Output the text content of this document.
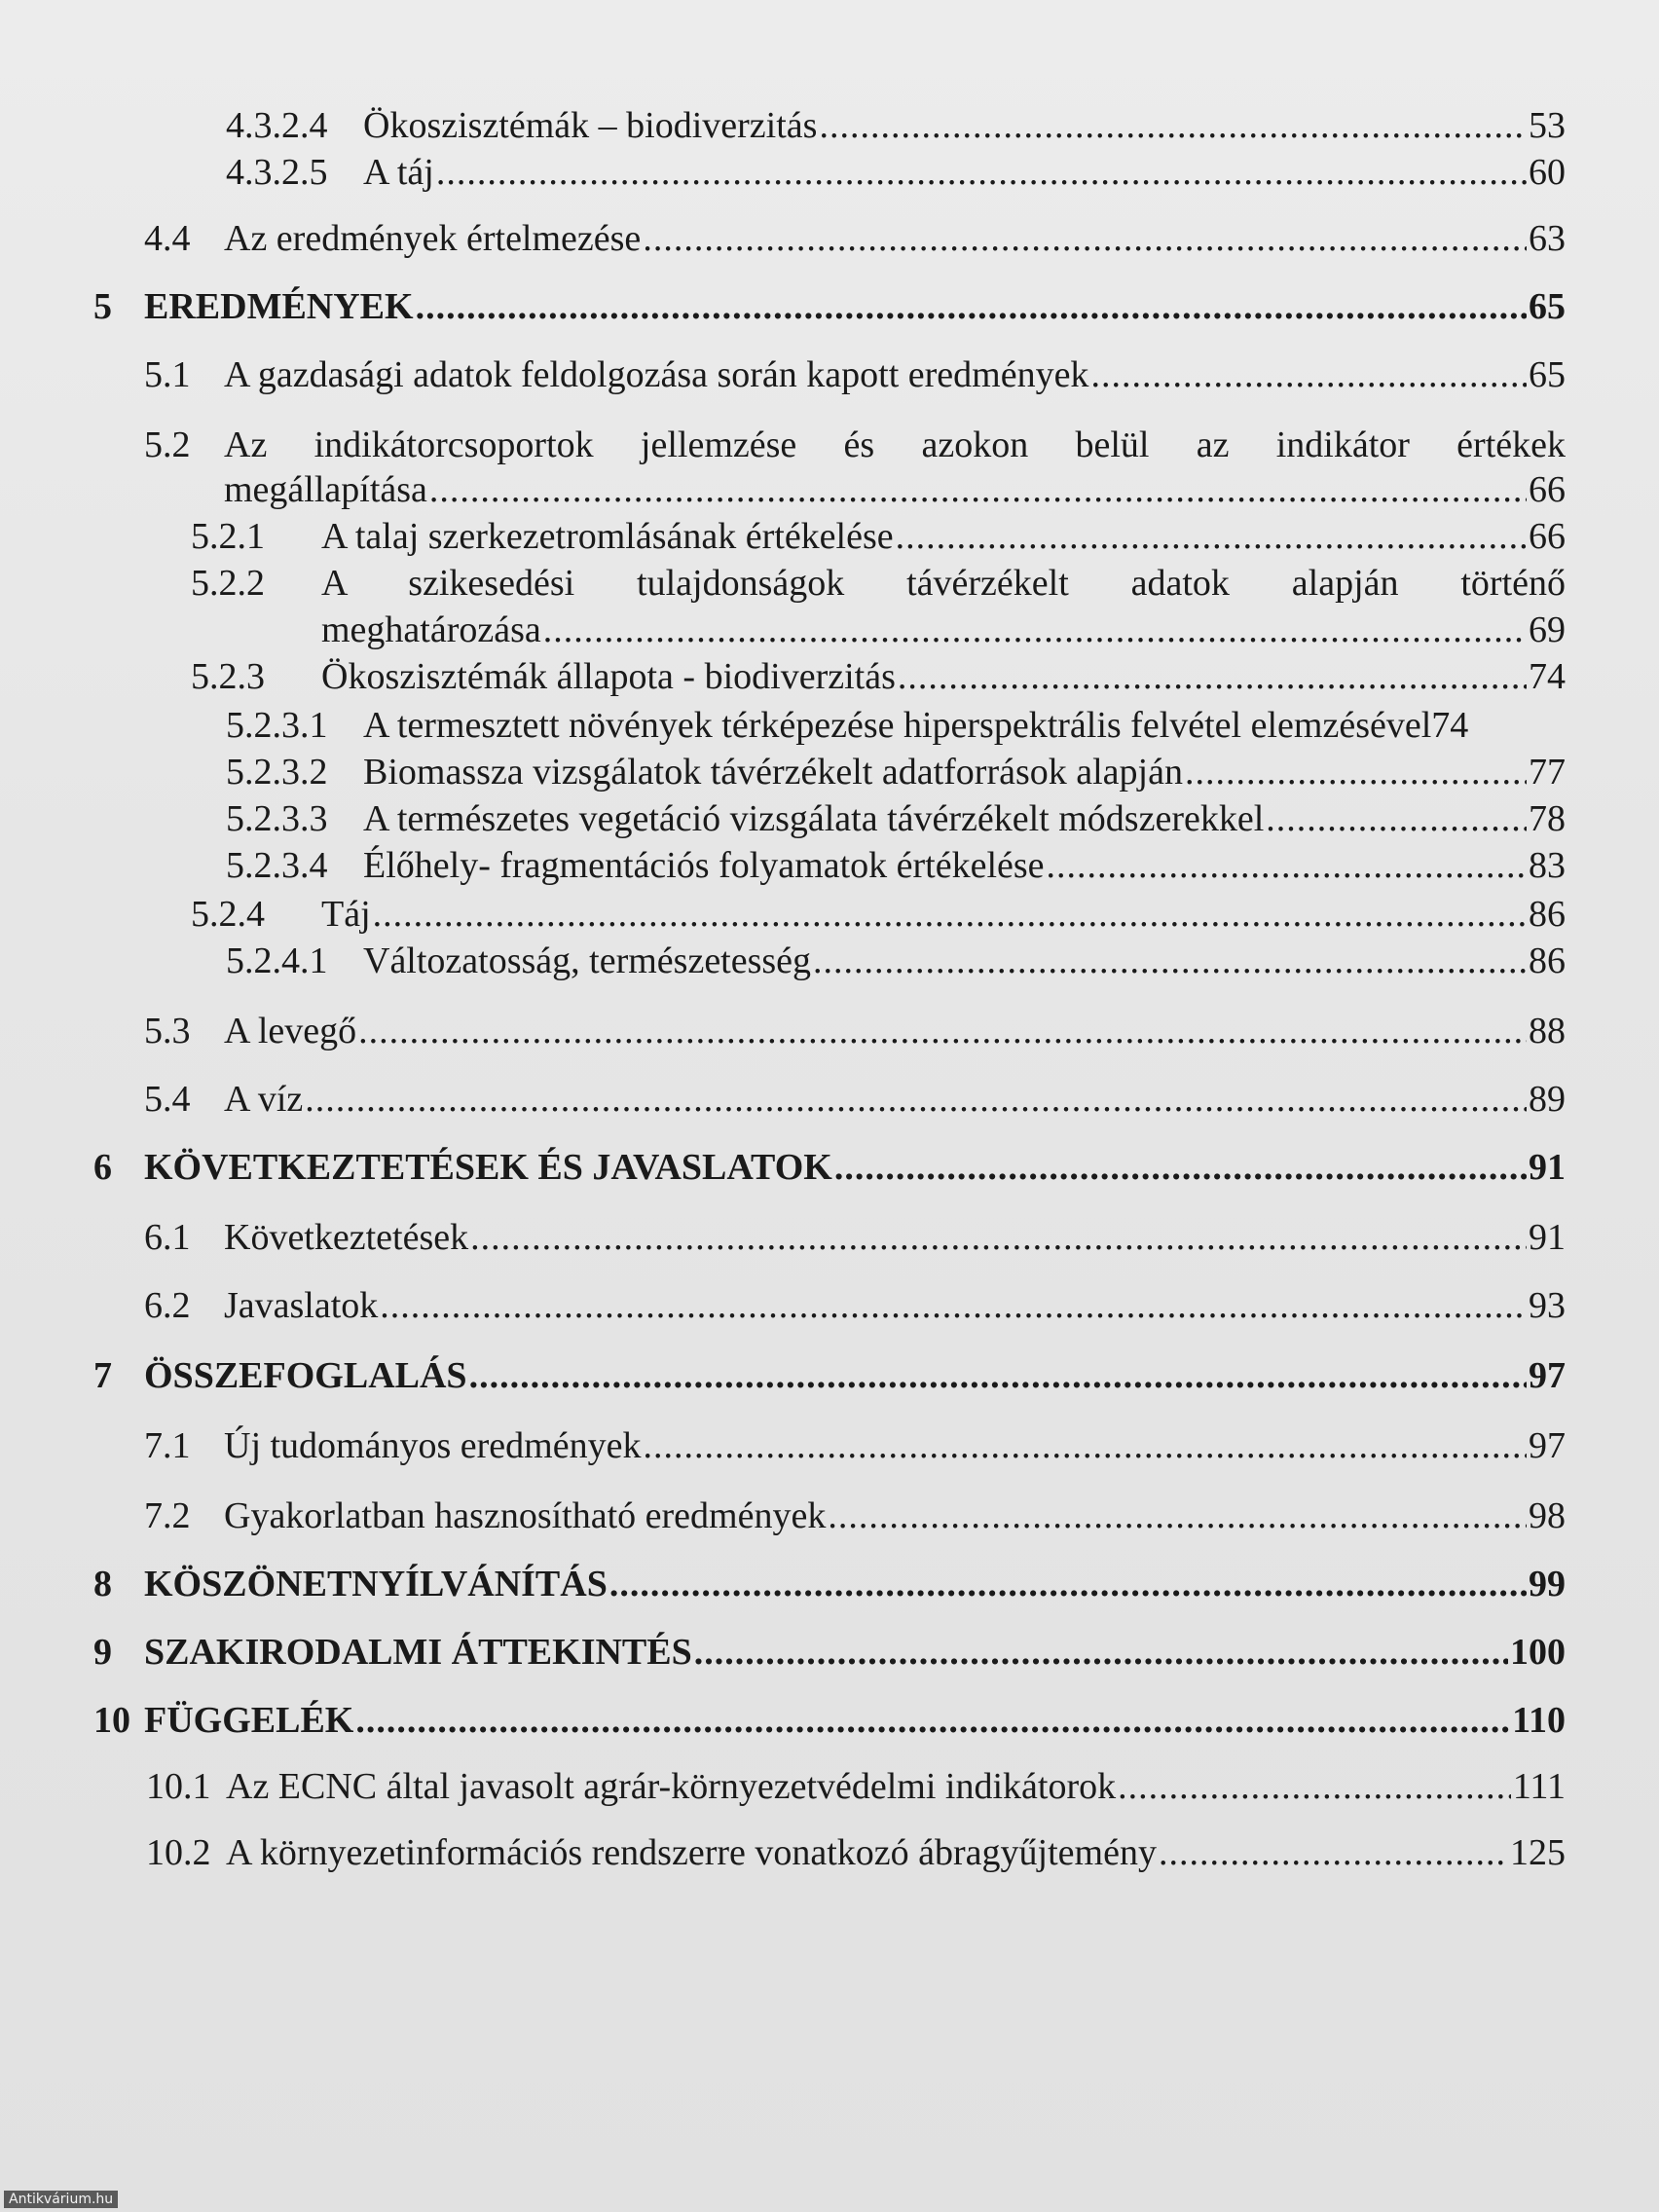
4.3.2.4 Ökoszisztémák – biodiverzitás .....	53
4.3.2.5 A táj .....	60
4.4 Az eredmények értelmezése .....	63
5 EREDMÉNYEK .....	65
5.1 A gazdasági adatok feldolgozása során kapott eredmények .....	65
5.2 Az indikátorcsoportok jellemzése és azokon belül az indikátor értékek
megállapítása .....	66
5.2.1 A talaj szerkezetromlásának értékelése .....	66
5.2.2 A szikesedési tulajdonságok távérzékelt adatok alapján történő
meghatározása .....	69
5.2.3 Ökoszisztémák állapota - biodiverzitás .....	74
5.2.3.1 A termesztett növények térképezése hiperspektrális felvétel elemzésével74
5.2.3.2 Biomassza vizsgálatok távérzékelt adatforrások alapján .....	77
5.2.3.3 A természetes vegetáció vizsgálata távérzékelt módszerekkel .....	78
5.2.3.4 Élőhely- fragmentációs folyamatok értékelése .....	83
5.2.4 Táj .....	86
5.2.4.1 Változatosság, természetesség .....	86
5.3 A levegő .....	88
5.4 A víz .....	89
6 KÖVETKEZTETÉSEK ÉS JAVASLATOK .....	91
6.1 Következtetések .....	91
6.2 Javaslatok .....	93
7 ÖSSZEFOGLALÁS .....	97
7.1 Új tudományos eredmények .....	97
7.2 Gyakorlatban hasznosítható eredmények .....	98
8 KÖSZÖNETNYÍLVÁNÍTÁS .....	99
9 SZAKIRODALMI ÁTTEKINTÉS .....	100
10 FÜGGELÉK .....	110
10.1 Az ECNC által javasolt agrár-környezetvédelmi indikátorok .....	111
10.2 A környezetinformációs rendszerre vonatkozó ábragyűjtemény .....	125
Antikvárium.hu
